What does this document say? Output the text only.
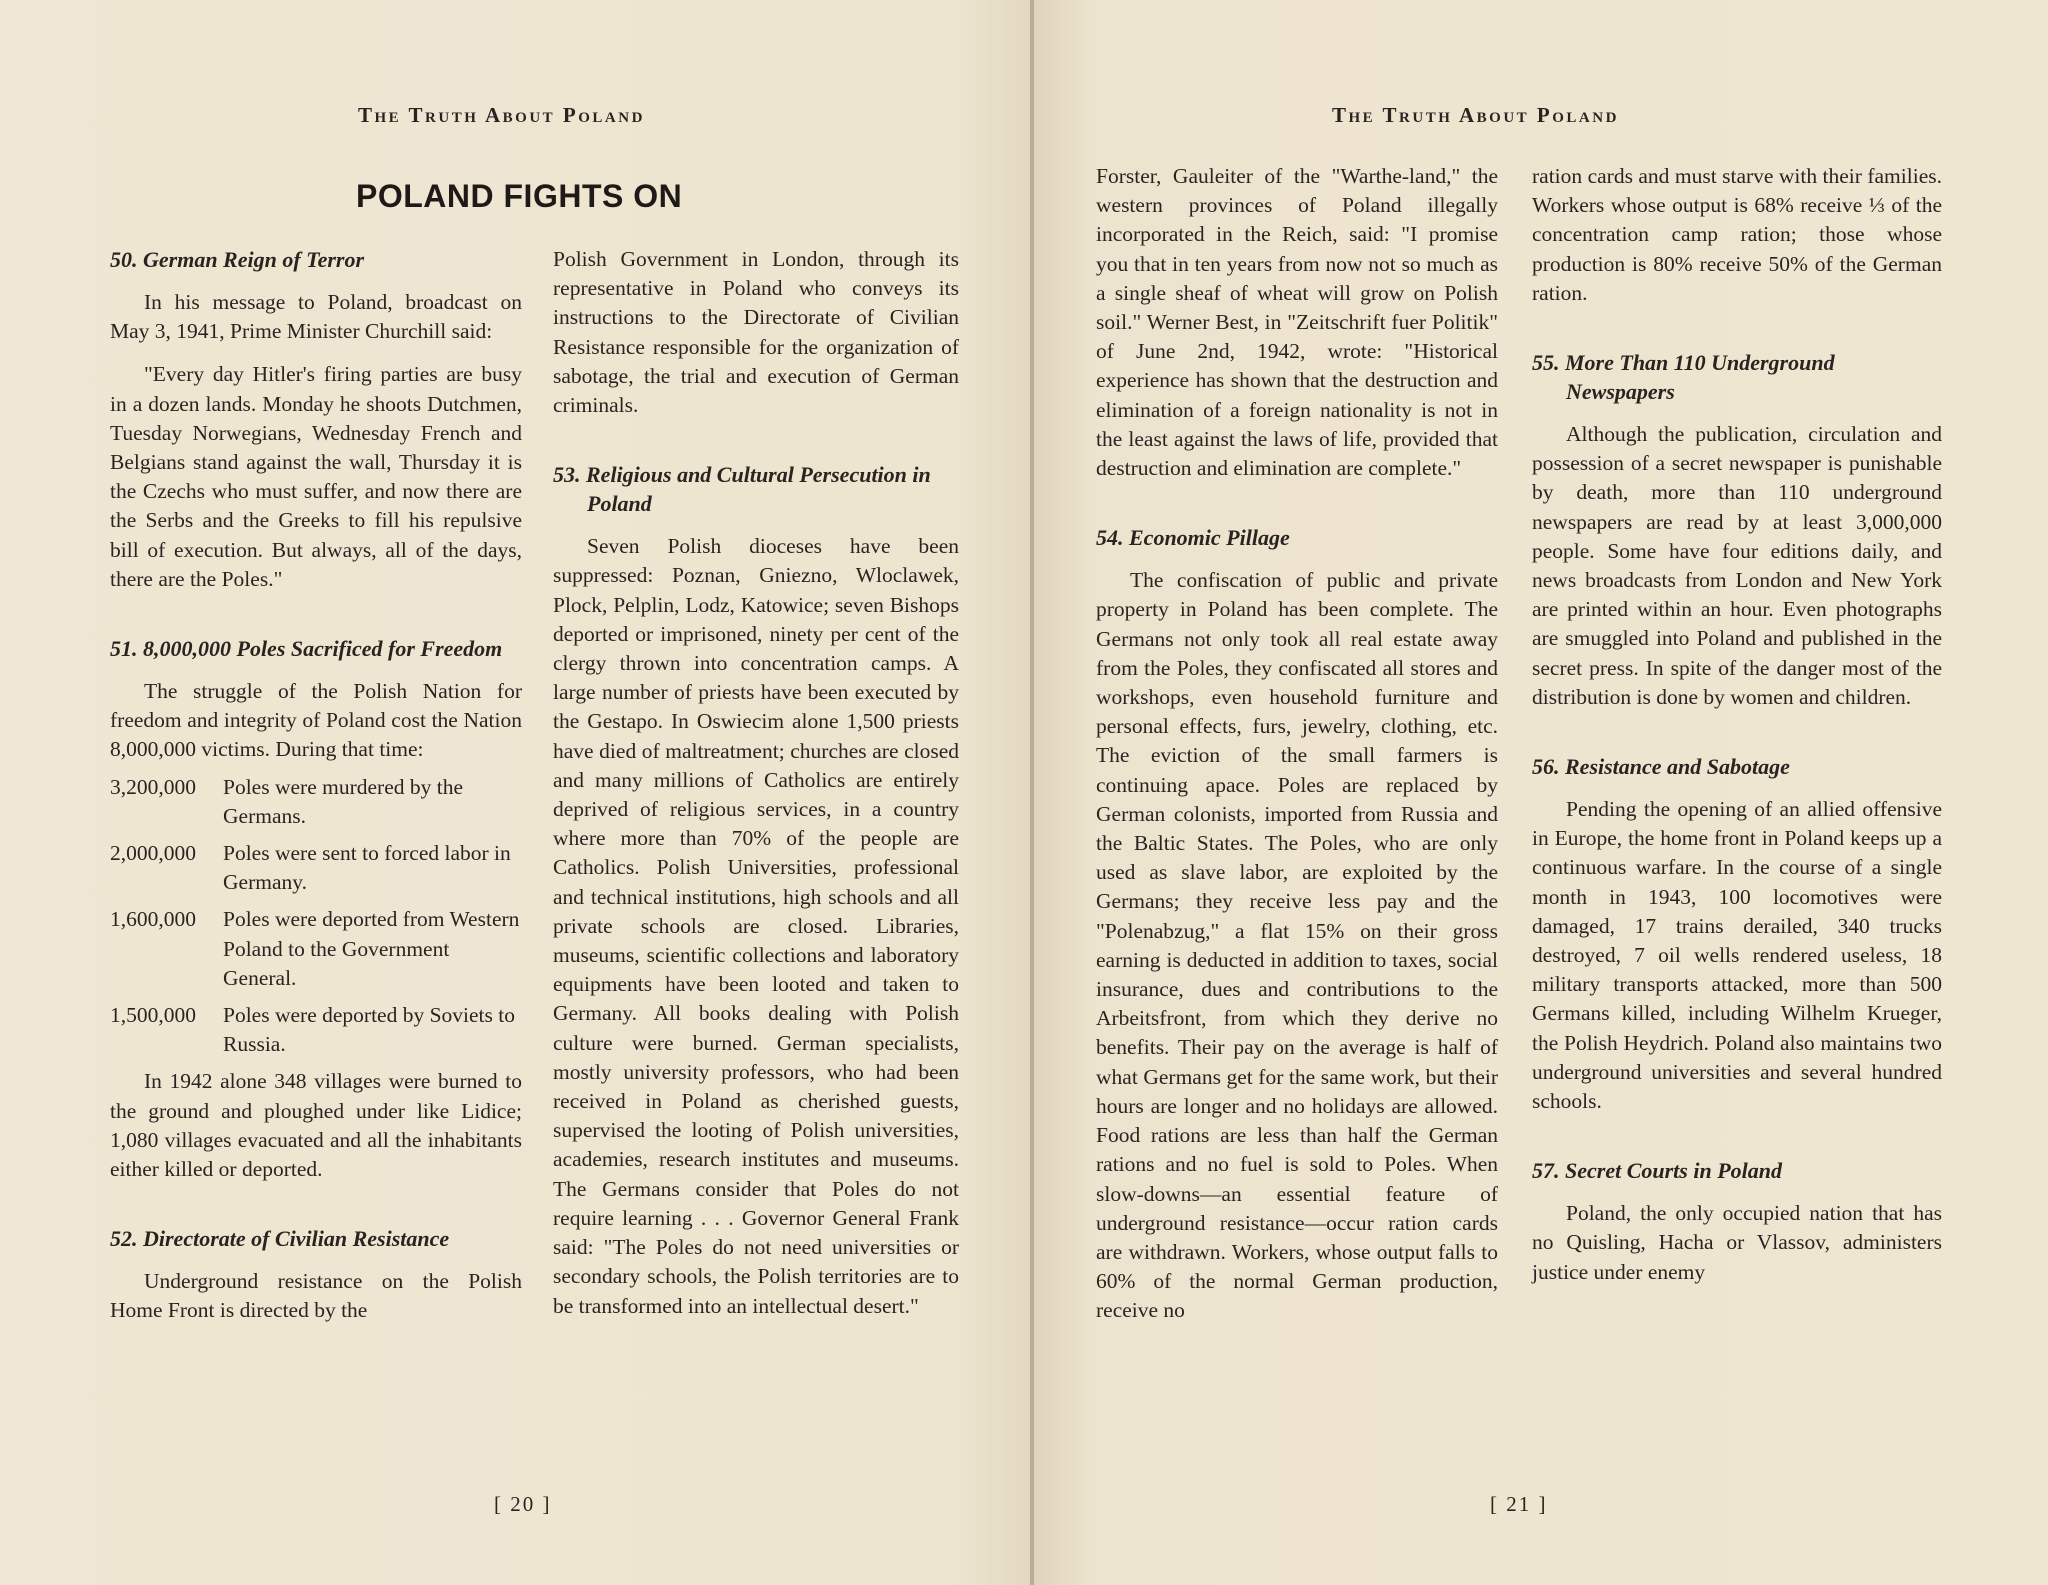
The Truth About Poland
POLAND FIGHTS ON
50. German Reign of Terror

In his message to Poland, broadcast on May 3, 1941, Prime Minister Churchill said:

"Every day Hitler's firing parties are busy in a dozen lands. Monday he shoots Dutchmen, Tuesday Norwegians, Wednesday French and Belgians stand against the wall, Thursday it is the Czechs who must suffer, and now there are the Serbs and the Greeks to fill his repulsive bill of execution. But always, all of the days, there are the Poles."

51. 8,000,000 Poles Sacrificed for Freedom

The struggle of the Polish Nation for freedom and integrity of Poland cost the Nation 8,000,000 victims. During that time:

3,200,000	Poles were murdered by the Germans.
2,000,000	Poles were sent to forced labor in Germany.
1,600,000	Poles were deported from Western Poland to the Government General.
1,500,000	Poles were deported by Soviets to Russia.

In 1942 alone 348 villages were burned to the ground and ploughed under like Lidice; 1,080 villages evacuated and all the inhabitants either killed or deported.

52. Directorate of Civilian Resistance

Underground resistance on the Polish Home Front is directed by the

Polish Government in London, through its representative in Poland who conveys its instructions to the Directorate of Civilian Resistance responsible for the organization of sabotage, the trial and execution of German criminals.

53. Religious and Cultural Persecution in Poland

Seven Polish dioceses have been suppressed: Poznan, Gniezno, Wloclawek, Plock, Pelplin, Lodz, Katowice; seven Bishops deported or imprisoned, ninety per cent of the clergy thrown into concentration camps. A large number of priests have been executed by the Gestapo. In Oswiecim alone 1,500 priests have died of maltreatment; churches are closed and many millions of Catholics are entirely deprived of religious services, in a country where more than 70% of the people are Catholics. Polish Universities, professional and technical institutions, high schools and all private schools are closed. Libraries, museums, scientific collections and laboratory equipments have been looted and taken to Germany. All books dealing with Polish culture were burned. German specialists, mostly university professors, who had been received in Poland as cherished guests, supervised the looting of Polish universities, academies, research institutes and museums. The Germans consider that Poles do not require learning . . . Governor General Frank said: "The Poles do not need universities or secondary schools, the Polish territories are to be transformed into an intellectual desert."

[ 20 ]
The Truth About Poland

Forster, Gauleiter of the "Warthe-land," the western provinces of Poland illegally incorporated in the Reich, said: "I promise you that in ten years from now not so much as a single sheaf of wheat will grow on Polish soil." Werner Best, in "Zeitschrift fuer Politik" of June 2nd, 1942, wrote: "Historical experience has shown that the destruction and elimination of a foreign nationality is not in the least against the laws of life, provided that destruction and elimination are complete."

54. Economic Pillage

The confiscation of public and private property in Poland has been complete. The Germans not only took all real estate away from the Poles, they confiscated all stores and workshops, even household furniture and personal effects, furs, jewelry, clothing, etc. The eviction of the small farmers is continuing apace. Poles are replaced by German colonists, imported from Russia and the Baltic States. The Poles, who are only used as slave labor, are exploited by the Germans; they receive less pay and the "Polenabzug," a flat 15% on their gross earning is deducted in addition to taxes, social insurance, dues and contributions to the Arbeitsfront, from which they derive no benefits. Their pay on the average is half of what Germans get for the same work, but their hours are longer and no holidays are allowed. Food rations are less than half the German rations and no fuel is sold to Poles. When slow-downs—an essential feature of underground resistance—occur ration cards are withdrawn. Workers, whose output falls to 60% of the normal German production, receive no

ration cards and must starve with their families. Workers whose output is 68% receive ⅓ of the concentration camp ration; those whose production is 80% receive 50% of the German ration.

55. More Than 110 Underground Newspapers

Although the publication, circulation and possession of a secret newspaper is punishable by death, more than 110 underground newspapers are read by at least 3,000,000 people. Some have four editions daily, and news broadcasts from London and New York are printed within an hour. Even photographs are smuggled into Poland and published in the secret press. In spite of the danger most of the distribution is done by women and children.

56. Resistance and Sabotage

Pending the opening of an allied offensive in Europe, the home front in Poland keeps up a continuous warfare. In the course of a single month in 1943, 100 locomotives were damaged, 17 trains derailed, 340 trucks destroyed, 7 oil wells rendered useless, 18 military transports attacked, more than 500 Germans killed, including Wilhelm Krueger, the Polish Heydrich. Poland also maintains two underground universities and several hundred schools.

57. Secret Courts in Poland

Poland, the only occupied nation that has no Quisling, Hacha or Vlassov, administers justice under enemy

[ 21 ]
